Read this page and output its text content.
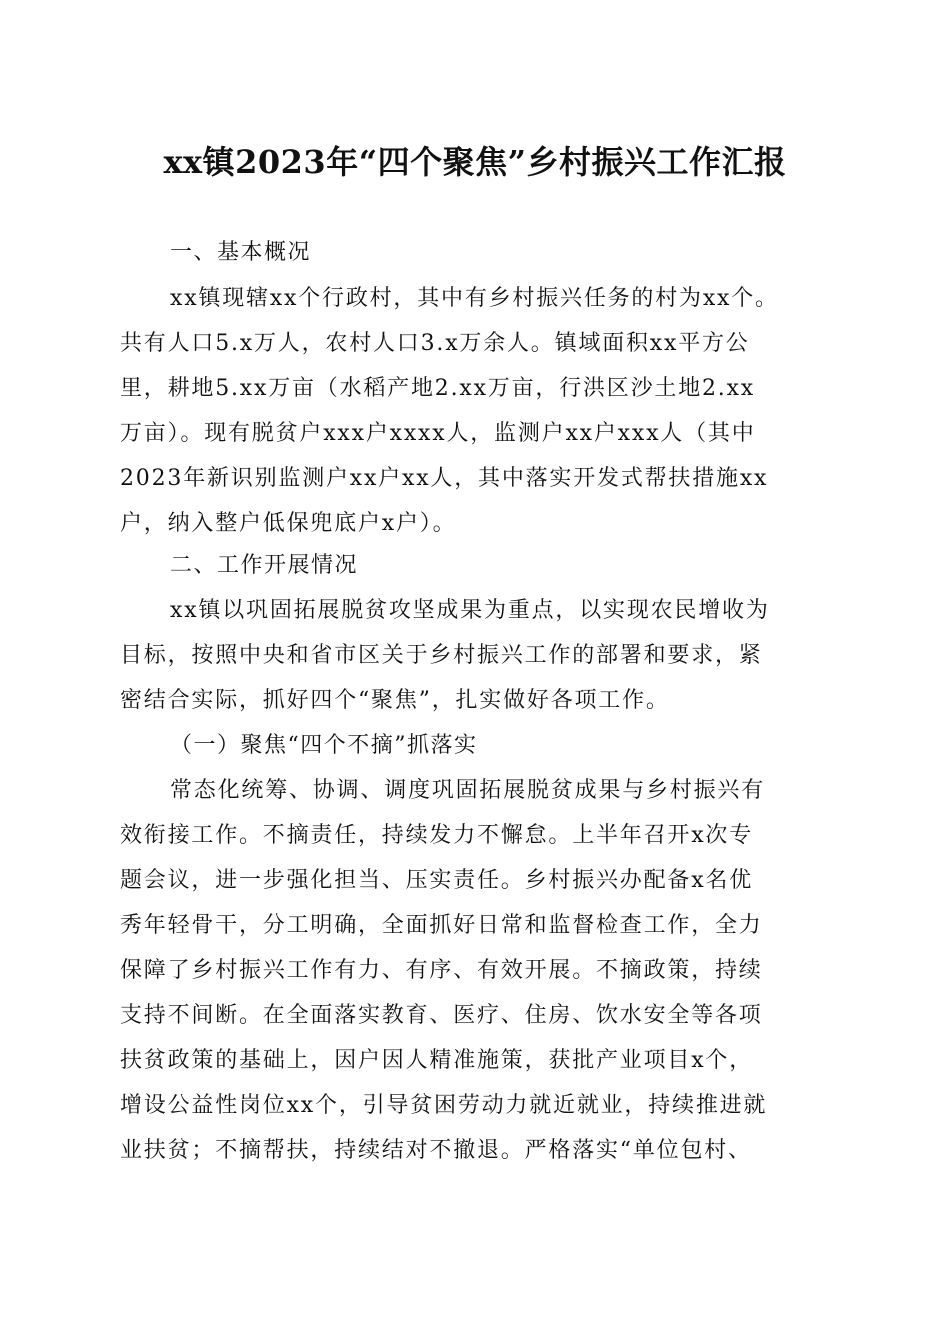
xx镇2023年“四个聚焦”乡村振兴工作汇报
一、基本概况
xx镇现辖xx个行政村，其中有乡村振兴任务的村为xx个。
共有人口5.x万人，农村人口3.x万余人。镇域面积xx平方公
里，耕地5.xx万亩（水稻产地2.xx万亩，行洪区沙土地2.xx
万亩）。现有脱贫户xxx户xxxx人，监测户xx户xxx人（其中
2023年新识别监测户xx户xx人，其中落实开发式帮扶措施xx
户，纳入整户低保兜底户x户）。
二、工作开展情况
xx镇以巩固拓展脱贫攻坚成果为重点，以实现农民增收为
目标，按照中央和省市区关于乡村振兴工作的部署和要求，紧
密结合实际，抓好四个“聚焦”，扎实做好各项工作。
（一）聚焦“四个不摘”抓落实
常态化统筹、协调、调度巩固拓展脱贫成果与乡村振兴有
效衔接工作。不摘责任，持续发力不懈怠。上半年召开x次专
题会议，进一步强化担当、压实责任。乡村振兴办配备x名优
秀年轻骨干，分工明确，全面抓好日常和监督检查工作，全力
保障了乡村振兴工作有力、有序、有效开展。不摘政策，持续
支持不间断。在全面落实教育、医疗、住房、饮水安全等各项
扶贫政策的基础上，因户因人精准施策，获批产业项目x个，
增设公益性岗位xx个，引导贫困劳动力就近就业，持续推进就
业扶贫；不摘帮扶，持续结对不撤退。严格落实“单位包村、
